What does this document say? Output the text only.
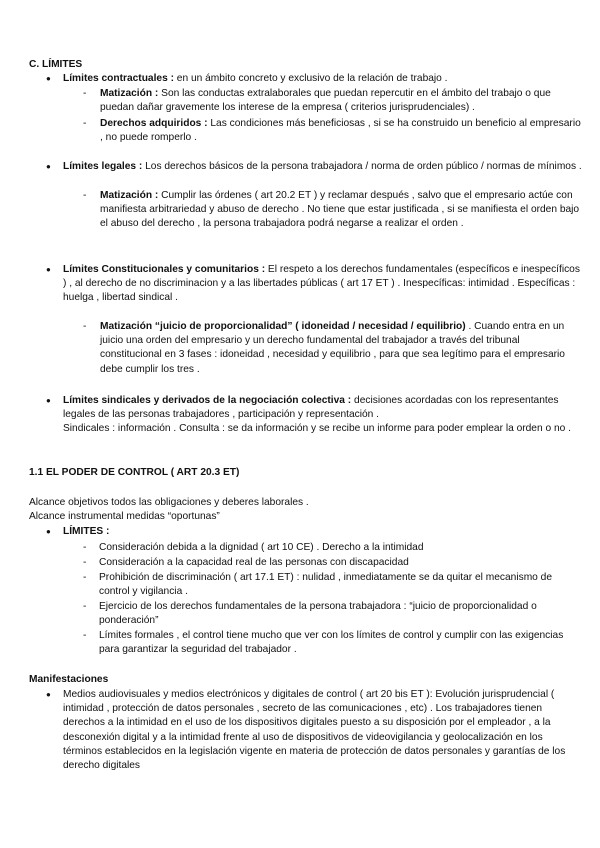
C. LÍMITES
● Límites contractuales : en un ámbito concreto y exclusivo de la relación de trabajo .
- Matización : Son las conductas extralaborales que puedan repercutir en el ámbito del trabajo o que puedan dañar gravemente los interese de la empresa ( criterios jurisprudenciales) .
- Derechos adquiridos : Las condiciones más beneficiosas , si se ha construido un beneficio al empresario , no puede romperlo .
● Límites legales : Los derechos básicos de la persona trabajadora / norma de orden público / normas de mínimos .
- Matización : Cumplir las órdenes ( art 20.2 ET ) y reclamar después , salvo que el empresario actúe con manifiesta arbitrariedad y abuso de derecho . No tiene que estar justificada , si se manifiesta el orden bajo el abuso del derecho , la persona trabajadora podrá negarse a realizar el orden .
● Límites Constitucionales y comunitarios : El respeto a los derechos fundamentales (específicos e inespecíficos ) , al derecho de no discriminacion y a las libertades públicas ( art 17 ET ) . Inespecíficas: intimidad . Específicas : huelga , libertad sindical .
- Matización “juicio de proporcionalidad” ( idoneidad / necesidad / equilibrio) . Cuando entra en un juicio una orden del empresario y un derecho fundamental del trabajador a través del tribunal constitucional en 3 fases : idoneidad , necesidad y equilibrio , para que sea legítimo para el empresario debe cumplir los tres .
● Límites sindicales y derivados de la negociación colectiva : decisiones acordadas con los representantes legales de las personas trabajadores , participación y representación .
Sindicales : información . Consulta : se da información y se recibe un informe para poder emplear la orden o no .
1.1 EL PODER DE CONTROL ( ART 20.3 ET)
Alcance objetivos todos las obligaciones y deberes laborales .
Alcance instrumental medidas “oportunas”
● LÍMITES :
- Consideración debida a la dignidad ( art 10 CE) . Derecho a la intimidad
- Consideración a la capacidad real de las personas con discapacidad
- Prohibición de discriminación ( art 17.1 ET) : nulidad , inmediatamente se da quitar el mecanismo de control y vigilancia .
- Ejercicio de los derechos fundamentales de la persona trabajadora : “juicio de proporcionalidad o ponderación”
- Límites formales , el control tiene mucho que ver con los límites de control y cumplir con las exigencias para garantizar la seguridad del trabajador .
Manifestaciones
● Medios audiovisuales y medios electrónicos y digitales de control ( art 20 bis ET ): Evolución jurisprudencial ( intimidad , protección de datos personales , secreto de las comunicaciones , etc) . Los trabajadores tienen derechos a la intimidad en el uso de los dispositivos digitales puesto a su disposición por el empleador , a la desconexión digital y a la intimidad frente al uso de dispositivos de videovigilancia y geolocalización en los términos establecidos en la legislación vigente en materia de protección de datos personales y garantías de los derecho digitales
